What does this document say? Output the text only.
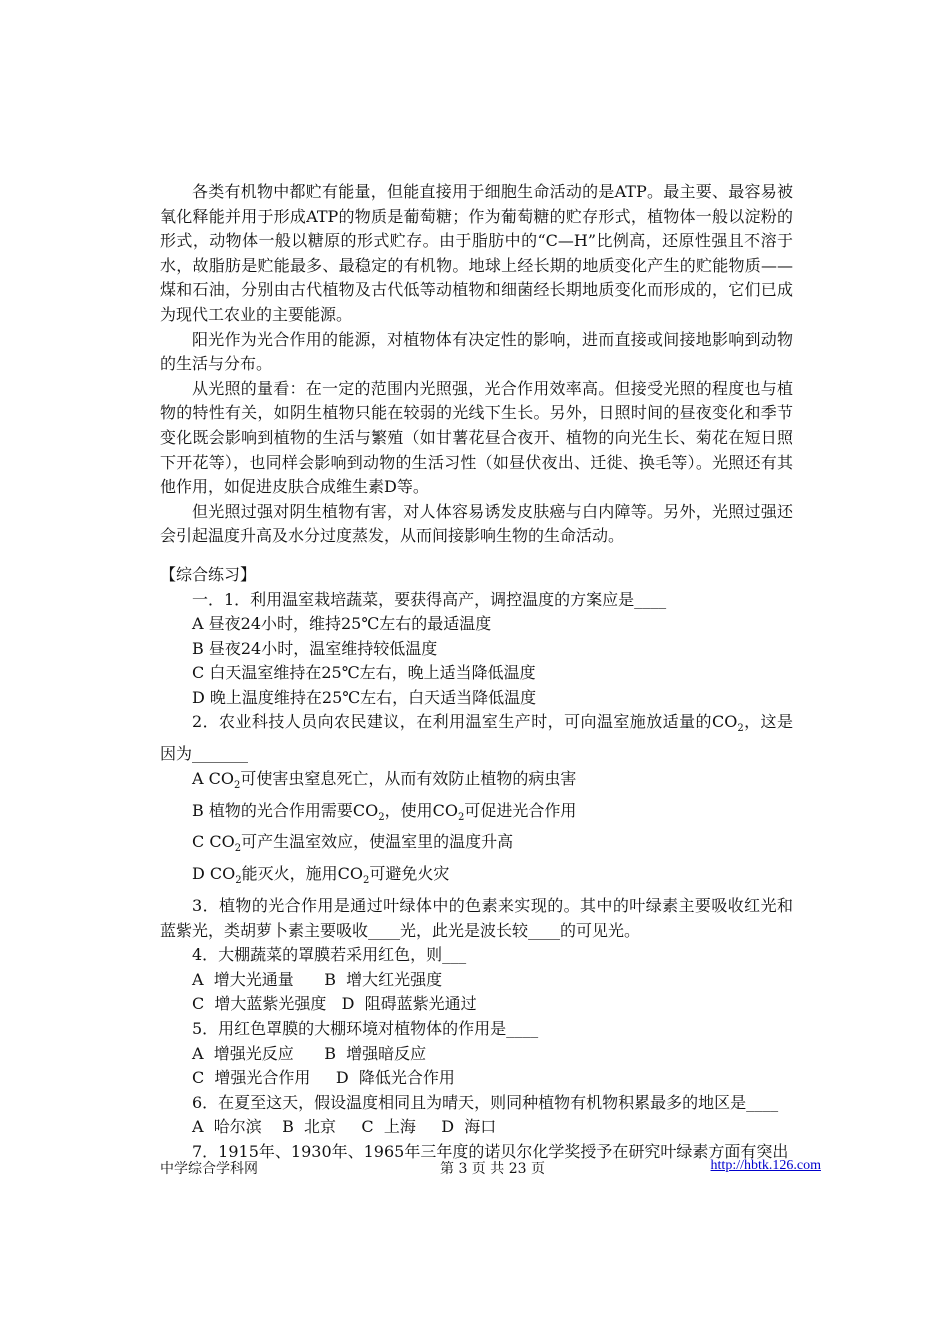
各类有机物中都贮有能量，但能直接用于细胞生命活动的是ATP。最主要、最容易被氧化释能并用于形成ATP的物质是葡萄糖；作为葡萄糖的贮存形式，植物体一般以淀粉的形式，动物体一般以糖原的形式贮存。由于脂肪中的“C—H”比例高，还原性强且不溶于水，故脂肪是贮能最多、最稳定的有机物。地球上经长期的地质变化产生的贮能物质——煤和石油，分别由古代植物及古代低等动植物和细菌经长期地质变化而形成的，它们已成为现代工农业的主要能源。

阳光作为光合作用的能源，对植物体有决定性的影响，进而直接或间接地影响到动物的生活与分布。

从光照的量看：在一定的范围内光照强，光合作用效率高。但接受光照的程度也与植物的特性有关，如阴生植物只能在较弱的光线下生长。另外，日照时间的昼夜变化和季节变化既会影响到植物的生活与繁殖（如甘薯花昼合夜开、植物的向光生长、菊花在短日照下开花等），也同样会影响到动物的生活习性（如昼伏夜出、迁徙、换毛等）。光照还有其他作用，如促进皮肤合成维生素D等。

但光照过强对阴生植物有害，对人体容易诱发皮肤癌与白内障等。另外，光照过强还会引起温度升高及水分过度蒸发，从而间接影响生物的生命活动。

【综合练习】

一．1．利用温室栽培蔬菜，要获得高产，调控温度的方案应是____

A 昼夜24小时，维持25℃左右的最适温度

B 昼夜24小时，温室维持较低温度

C 白天温室维持在25℃左右，晚上适当降低温度

D 晚上温度维持在25℃左右，白天适当降低温度

2．农业科技人员向农民建议，在利用温室生产时，可向温室施放适量的$CO_2$，这是因为_______

A $CO_2$可使害虫窒息死亡，从而有效防止植物的病虫害

B 植物的光合作用需要$CO_2$，使用$CO_2$可促进光合作用

C $CO_2$可产生温室效应，使温室里的温度升高

D $CO_2$能灭火，施用$CO_2$可避免火灾

3．植物的光合作用是通过叶绿体中的色素来实现的。其中的叶绿素主要吸收红光和蓝紫光，类胡萝卜素主要吸收____光，此光是波长较____的可见光。

4．大棚蔬菜的罩膜若采用红色，则___

A  增大光通量      B  增大红光强度

C  增大蓝紫光强度   D  阻碍蓝紫光通过

5．用红色罩膜的大棚环境对植物体的作用是____

A  增强光反应      B  增强暗反应

C  增强光合作用     D  降低光合作用

6．在夏至这天，假设温度相同且为晴天，则同种植物有机物积累最多的地区是____

A  哈尔滨    B  北京     C  上海     D  海口

7．1915年、1930年、1965年三年度的诺贝尔化学奖授予在研究叶绿素方面有突出

中学综合学科网	第 3 页 共 23 页	http://hbtk.126.com
